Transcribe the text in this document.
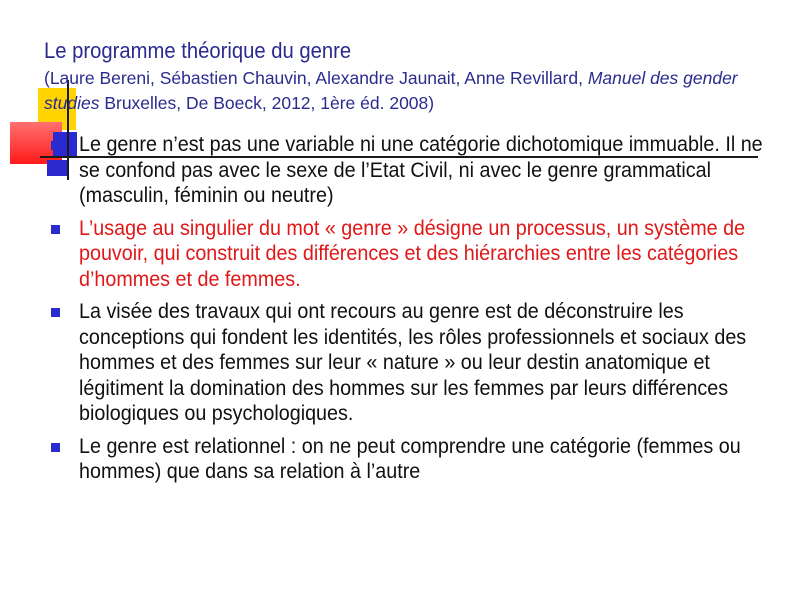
Le programme théorique du genre
(Laure Bereni, Sébastien Chauvin, Alexandre Jaunait, Anne Revillard, Manuel des gender studies Bruxelles, De Boeck, 2012, 1ère éd. 2008)
Le genre n’est pas une variable ni une catégorie dichotomique immuable. Il ne se confond pas avec le sexe de l’Etat Civil, ni avec le genre grammatical (masculin, féminin ou neutre)
L’usage au singulier du mot « genre » désigne un processus, un système de pouvoir, qui construit des différences et des hiérarchies entre les catégories d’hommes et de femmes.
La visée des travaux qui ont recours au genre est de déconstruire les conceptions qui fondent les identités, les rôles professionnels et sociaux des hommes et des femmes sur leur « nature » ou leur destin anatomique et légitiment la domination des hommes sur les femmes par leurs différences biologiques ou psychologiques.
Le genre est relationnel : on ne peut comprendre une catégorie (femmes ou hommes) que dans sa relation à l’autre
